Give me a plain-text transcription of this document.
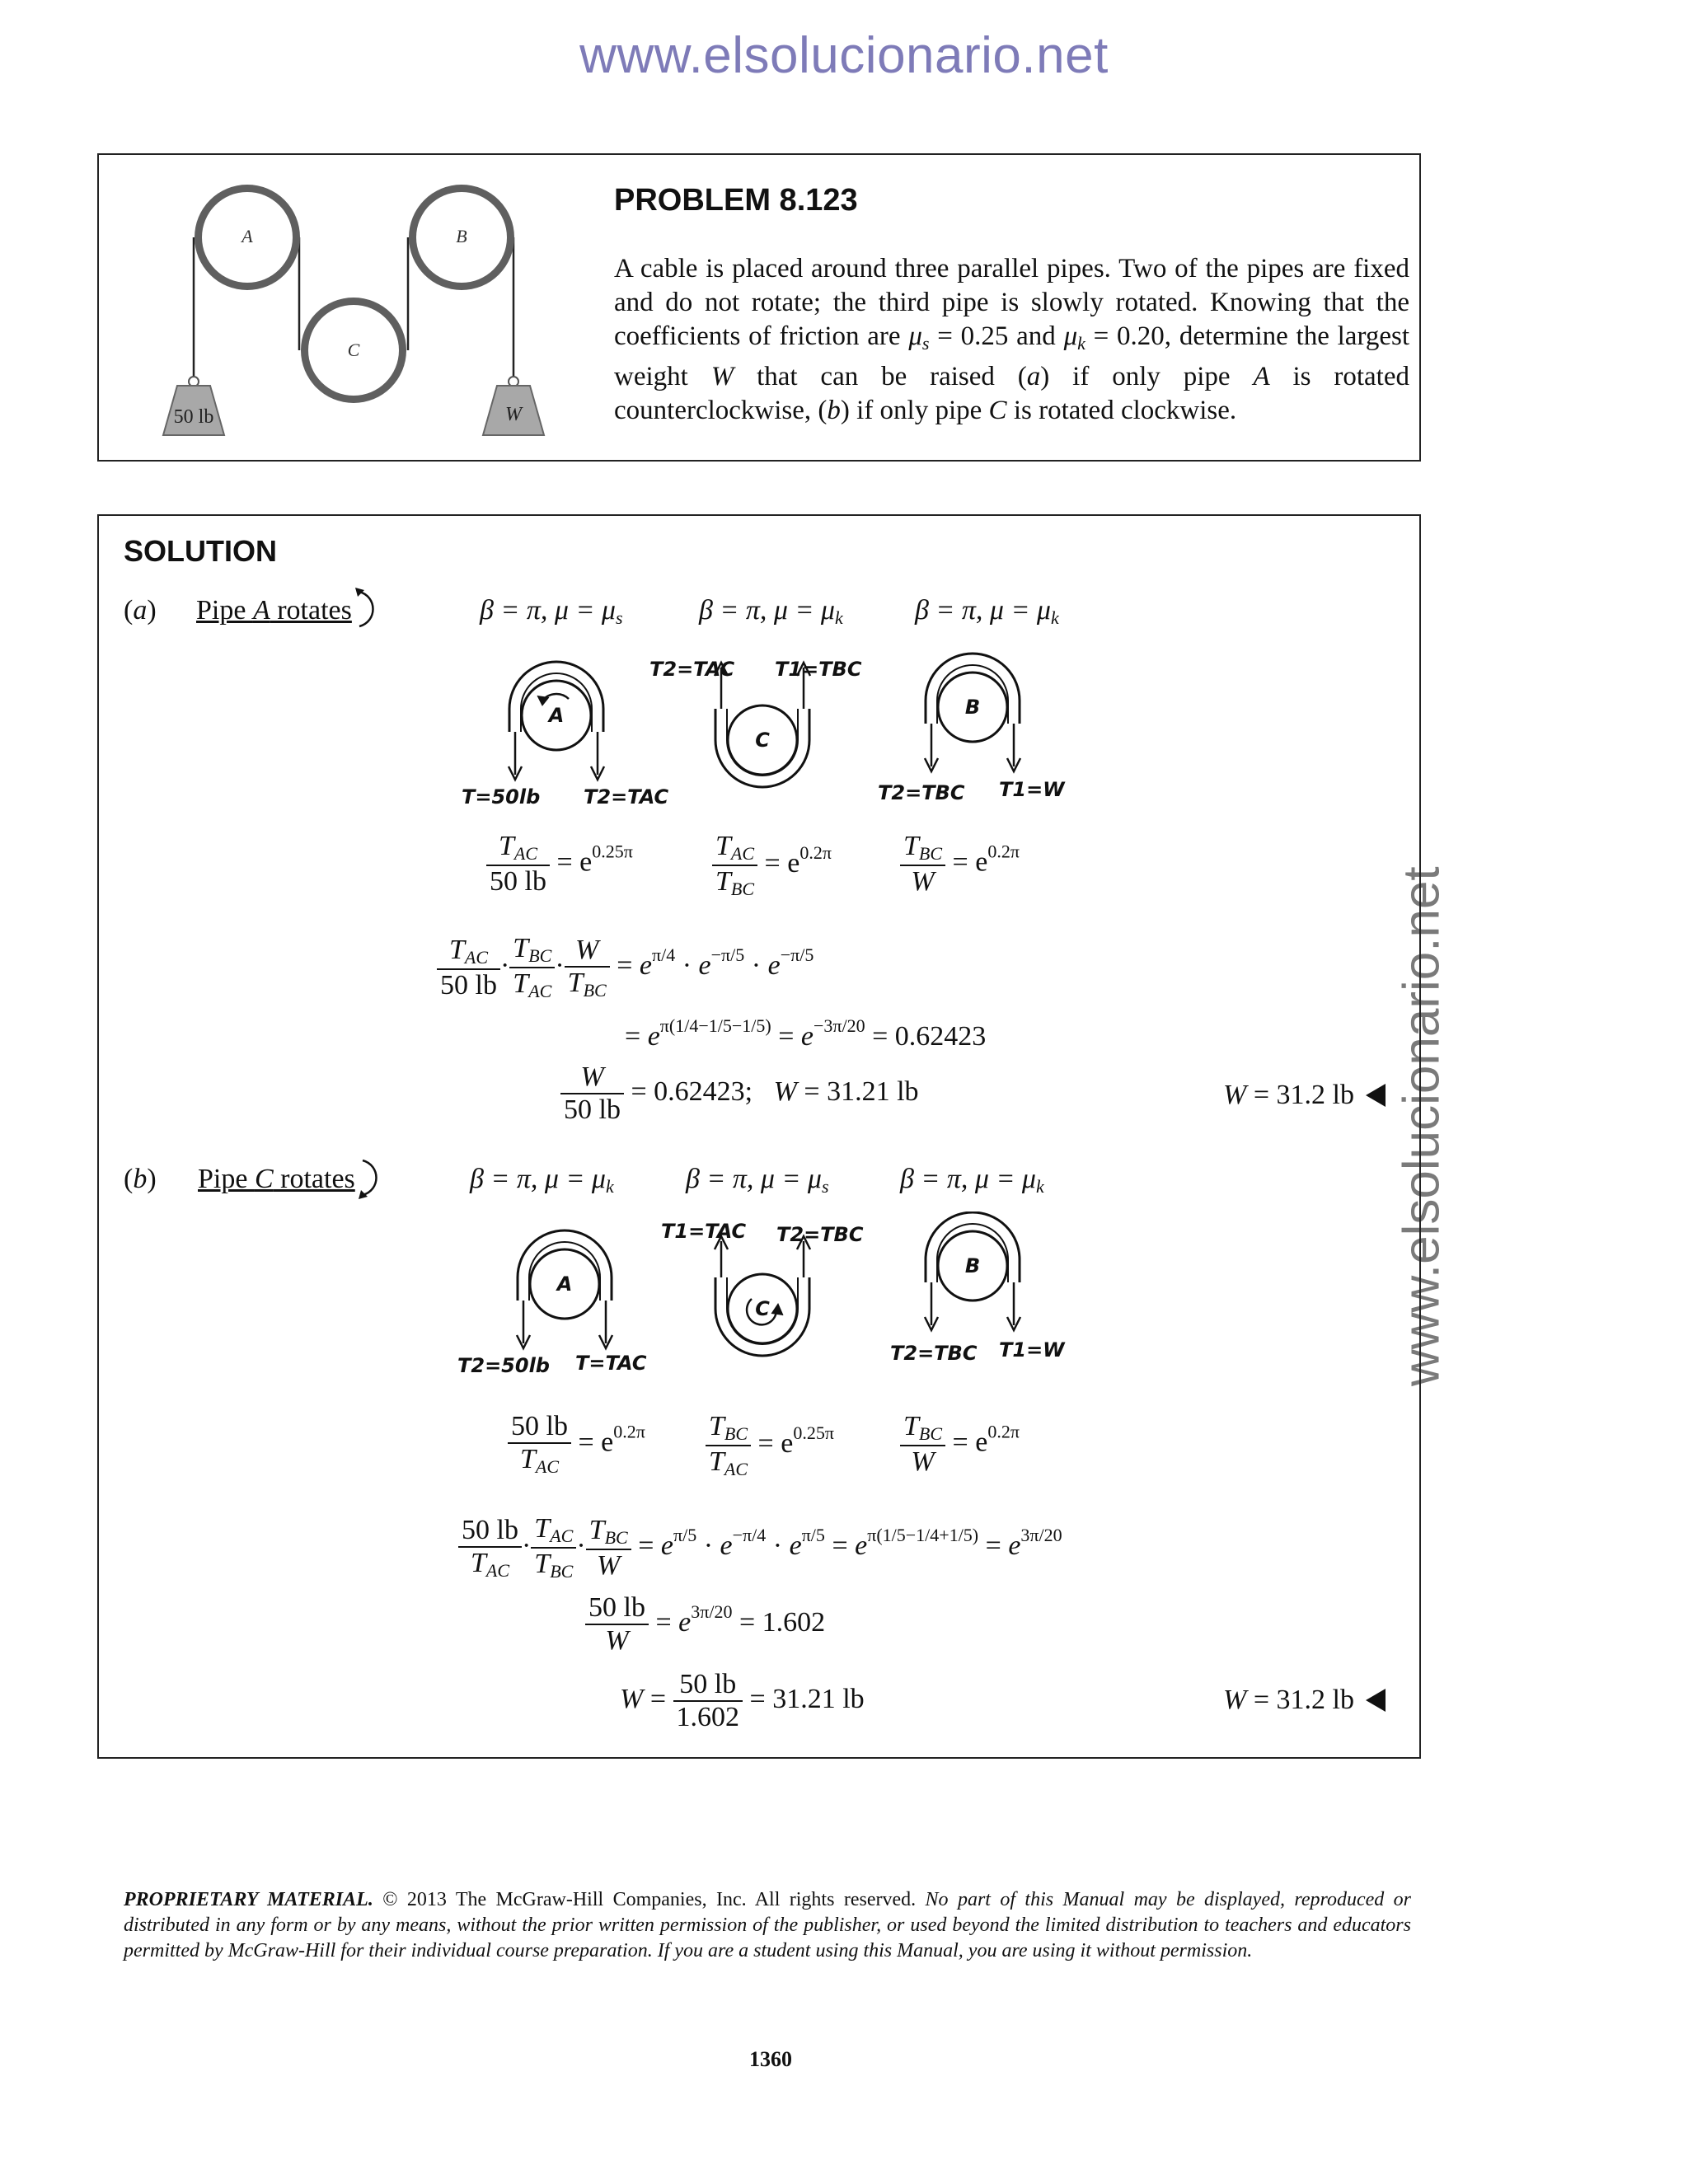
www.elsolucionario.net
www.elsolucionario.net
A	B
C
50 lb	W
PROBLEM 8.123
A cable is placed around three parallel pipes. Two of the pipes are fixed and do not rotate; the third pipe is slowly rotated. Knowing that the coefficients of friction are $\mu_s = 0.25$ and $\mu_k = 0.20$, determine the largest weight W that can be raised (a) if only pipe A is rotated counterclockwise, (b) if only pipe C is rotated clockwise.
SOLUTION
(a) Pipe A rotates	β = π, $\mu = \mu_s$	β = π, $\mu = \mu_k$	β = π, $\mu = \mu_k$
A
T=50lb T2=TAC
C
T2=TAC T1=TBC
B
T2=TBC T1=W
$\frac{T_{AC}}{50 lb} = e^{0.25\pi}$	$\frac{T_{AC}}{T_{BC}} = e^{0.2\pi} \frac{T_{BC}}{W} = e^{0.2\pi}$
$\frac{T_{AC}}{50 lb} \cdot \frac{T_{BC}}{T_{AC}} \cdot \frac{W}{T_{BC}} = e^{\pi/4} \cdot e^{-\pi/5} \cdot e^{-\pi/5}$
= $e^{\pi(1/4-1/5-1/5)} = e^{-3\pi/20} = 0.62423$
$\frac{W}{50 lb} = 0.62423$; W = 31.21 lb	W = 31.2 lb
(b) Pipe C rotates	β = π, $\mu = \mu_k$	β = π, $\mu = \mu_s$	β = π, $\mu = \mu_k$
A
T2=50lb T=TAC
C
T1=TAC T2=TBC
B
T2=TBC T1=W
$\frac{50 lb}{T_{AC}} = e^{0.2\pi} \frac{T_{BC}}{T_{AC}} = e^{0.25\pi} \frac{T_{BC}}{W} = e^{0.2\pi}$
$\frac{50 lb}{T_{AC}} \cdot \frac{T_{AC}}{T_{BC}} \cdot \frac{T_{BC}}{W} = e^{\pi/5} \cdot e^{-\pi/4} \cdot e^{\pi/5} = e^{\pi(1/5-1/4+1/5)} = e^{3\pi/20}$
$\frac{50 lb}{W} = e^{3\pi/20} = 1.602$
$W = \frac{50 lb}{1.602} = 31.21$ lb	W = 31.2 lb
PROPRIETARY MATERIAL. © 2013 The McGraw-Hill Companies, Inc. All rights reserved. No part of this Manual may be displayed, reproduced or distributed in any form or by any means, without the prior written permission of the publisher, or used beyond the limited distribution to teachers and educators permitted by McGraw-Hill for their individual course preparation. If you are a student using this Manual, you are using it without permission.
1360
